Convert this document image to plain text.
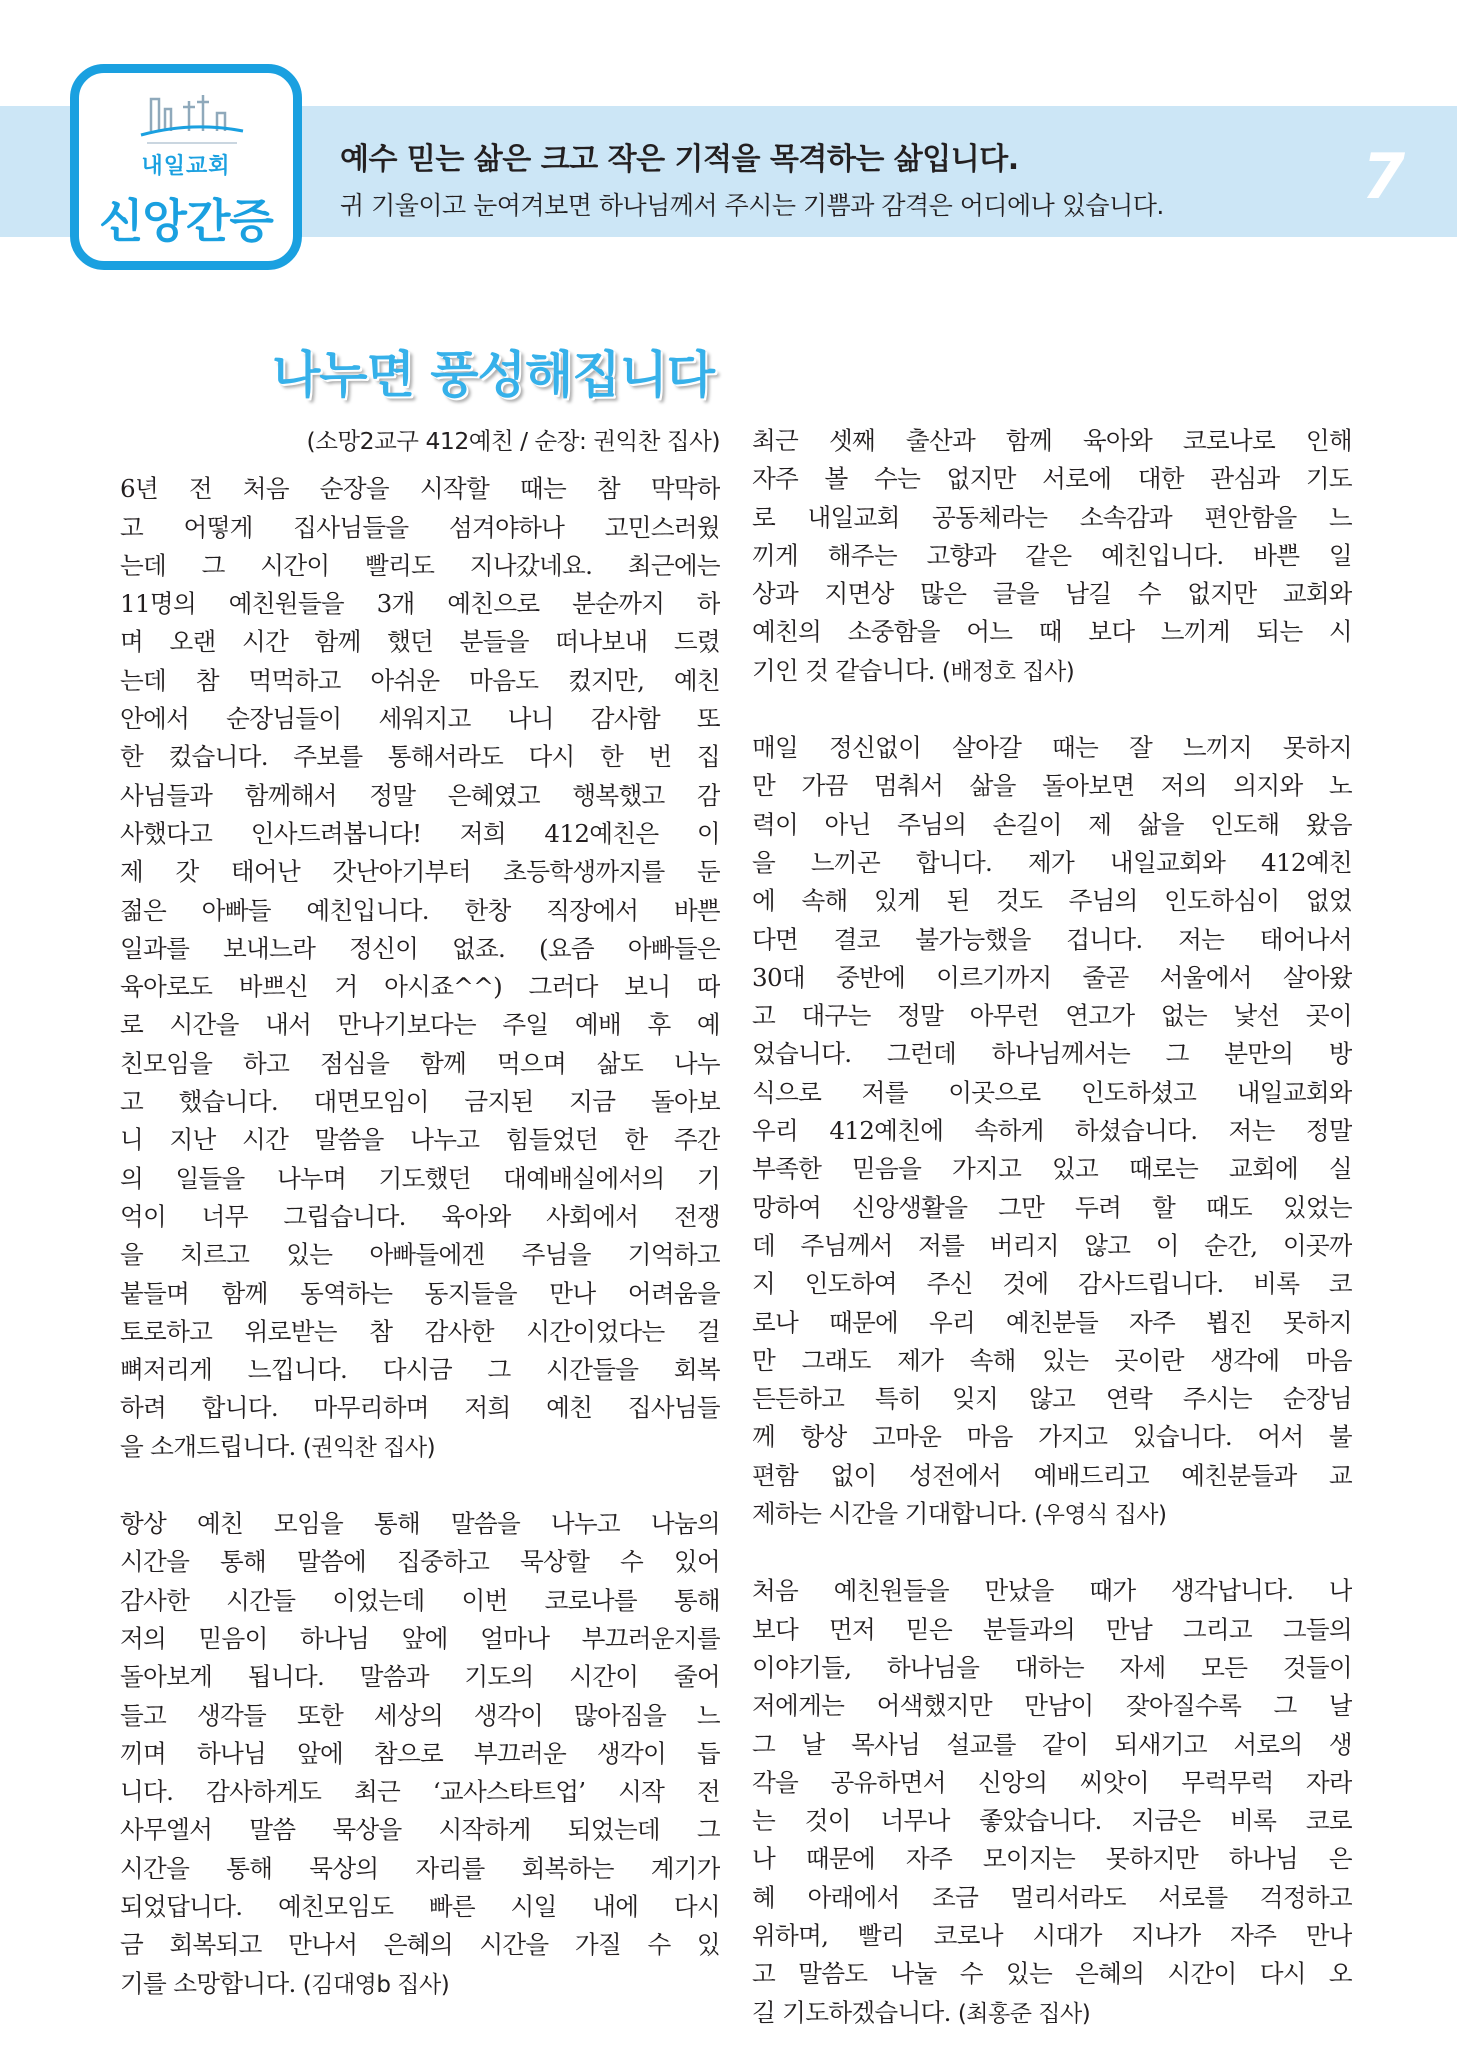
내일교회
신앙간증
예수 믿는 삶은 크고 작은 기적을 목격하는 삶입니다.
귀 기울이고 눈여겨보면 하나님께서 주시는 기쁨과 감격은 어디에나 있습니다.	7
나누면 풍성해집니다
(소망2교구 412예친 / 순장: 권익찬 집사)
6년 전 처음 순장을 시작할 때는 참 막막하
고 어떻게 집사님들을 섬겨야하나 고민스러웠
는데 그 시간이 빨리도 지나갔네요. 최근에는
11명의 예친원들을 3개 예친으로 분순까지 하
며 오랜 시간 함께 했던 분들을 떠나보내 드렸
는데 참 먹먹하고 아쉬운 마음도 컸지만, 예친
안에서 순장님들이 세워지고 나니 감사함 또
한 컸습니다. 주보를 통해서라도 다시 한 번 집
사님들과 함께해서 정말 은혜였고 행복했고 감
사했다고 인사드려봅니다! 저희 412예친은 이
제 갓 태어난 갓난아기부터 초등학생까지를 둔
젊은 아빠들 예친입니다. 한창 직장에서 바쁜
일과를 보내느라 정신이 없죠. (요즘 아빠들은
육아로도 바쁘신 거 아시죠^^) 그러다 보니 따
로 시간을 내서 만나기보다는 주일 예배 후 예
친모임을 하고 점심을 함께 먹으며 삶도 나누
고 했습니다. 대면모임이 금지된 지금 돌아보
니 지난 시간 말씀을 나누고 힘들었던 한 주간
의 일들을 나누며 기도했던 대예배실에서의 기
억이 너무 그립습니다. 육아와 사회에서 전쟁
을 치르고 있는 아빠들에겐 주님을 기억하고
붙들며 함께 동역하는 동지들을 만나 어려움을
토로하고 위로받는 참 감사한 시간이었다는 걸
뼈저리게 느낍니다. 다시금 그 시간들을 회복
하려 합니다. 마무리하며 저희 예친 집사님들
을 소개드립니다. (권익찬 집사)
항상 예친 모임을 통해 말씀을 나누고 나눔의
시간을 통해 말씀에 집중하고 묵상할 수 있어
감사한 시간들 이었는데 이번 코로나를 통해
저의 믿음이 하나님 앞에 얼마나 부끄러운지를
돌아보게 됩니다. 말씀과 기도의 시간이 줄어
들고 생각들 또한 세상의 생각이 많아짐을 느
끼며 하나님 앞에 참으로 부끄러운 생각이 듭
니다. 감사하게도 최근 ‘교사스타트업’ 시작 전
사무엘서 말씀 묵상을 시작하게 되었는데 그
시간을 통해 묵상의 자리를 회복하는 계기가
되었답니다. 예친모임도 빠른 시일 내에 다시
금 회복되고 만나서 은혜의 시간을 가질 수 있
기를 소망합니다. (김대영b 집사)
최근 셋째 출산과 함께 육아와 코로나로 인해
자주 볼 수는 없지만 서로에 대한 관심과 기도
로 내일교회 공동체라는 소속감과 편안함을 느
끼게 해주는 고향과 같은 예친입니다. 바쁜 일
상과 지면상 많은 글을 남길 수 없지만 교회와
예친의 소중함을 어느 때 보다 느끼게 되는 시
기인 것 같습니다. (배정호 집사)
매일 정신없이 살아갈 때는 잘 느끼지 못하지
만 가끔 멈춰서 삶을 돌아보면 저의 의지와 노
력이 아닌 주님의 손길이 제 삶을 인도해 왔음
을 느끼곤 합니다. 제가 내일교회와 412예친
에 속해 있게 된 것도 주님의 인도하심이 없었
다면 결코 불가능했을 겁니다. 저는 태어나서
30대 중반에 이르기까지 줄곧 서울에서 살아왔
고 대구는 정말 아무런 연고가 없는 낯선 곳이
었습니다. 그런데 하나님께서는 그 분만의 방
식으로 저를 이곳으로 인도하셨고 내일교회와
우리 412예친에 속하게 하셨습니다. 저는 정말
부족한 믿음을 가지고 있고 때로는 교회에 실
망하여 신앙생활을 그만 두려 할 때도 있었는
데 주님께서 저를 버리지 않고 이 순간, 이곳까
지 인도하여 주신 것에 감사드립니다. 비록 코
로나 때문에 우리 예친분들 자주 뵙진 못하지
만 그래도 제가 속해 있는 곳이란 생각에 마음
든든하고 특히 잊지 않고 연락 주시는 순장님
께 항상 고마운 마음 가지고 있습니다. 어서 불
편함 없이 성전에서 예배드리고 예친분들과 교
제하는 시간을 기대합니다. (우영식 집사)
처음 예친원들을 만났을 때가 생각납니다. 나
보다 먼저 믿은 분들과의 만남 그리고 그들의
이야기들, 하나님을 대하는 자세 모든 것들이
저에게는 어색했지만 만남이 잦아질수록 그 날
그 날 목사님 설교를 같이 되새기고 서로의 생
각을 공유하면서 신앙의 씨앗이 무럭무럭 자라
는 것이 너무나 좋았습니다. 지금은 비록 코로
나 때문에 자주 모이지는 못하지만 하나님 은
혜 아래에서 조금 멀리서라도 서로를 걱정하고
위하며, 빨리 코로나 시대가 지나가 자주 만나
고 말씀도 나눌 수 있는 은혜의 시간이 다시 오
길 기도하겠습니다. (최홍준 집사)
